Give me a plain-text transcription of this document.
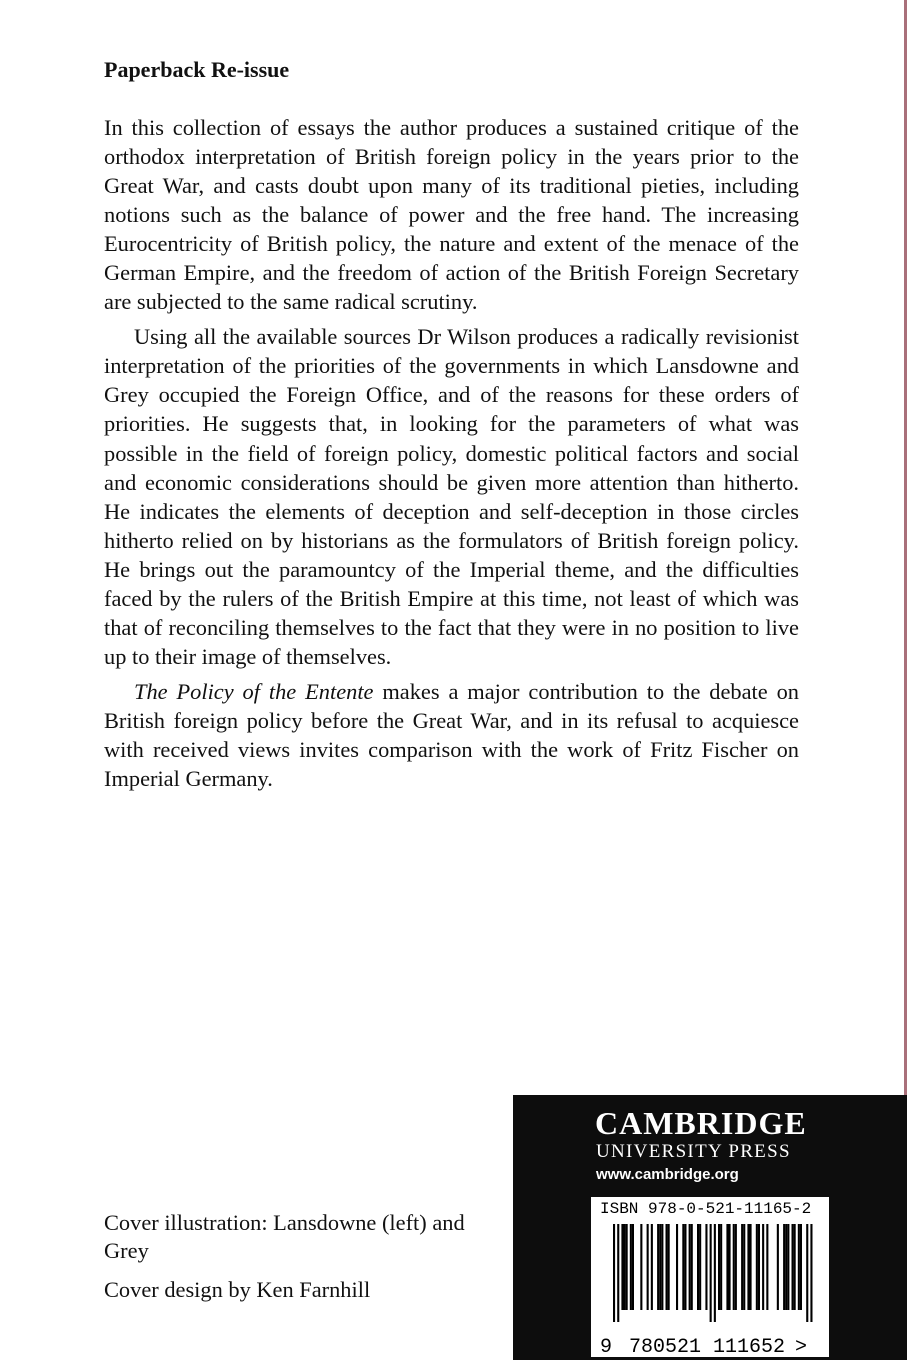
Paperback Re-issue

In this collection of essays the author produces a sustained critique of the orthodox interpretation of British foreign policy in the years prior to the Great War, and casts doubt upon many of its traditional pieties, including notions such as the balance of power and the free hand. The increasing Eurocentricity of British policy, the nature and extent of the menace of the German Empire, and the freedom of action of the British Foreign Secretary are subjected to the same radical scrutiny.

Using all the available sources Dr Wilson produces a radically revisionist interpretation of the priorities of the governments in which Lansdowne and Grey occupied the Foreign Office, and of the reasons for these orders of priorities. He suggests that, in looking for the parameters of what was possible in the field of foreign policy, domestic political factors and social and economic considerations should be given more attention than hitherto. He indicates the elements of deception and self-deception in those circles hitherto relied on by historians as the formulators of British foreign policy. He brings out the paramountcy of the Imperial theme, and the difficulties faced by the rulers of the British Empire at this time, not least of which was that of reconciling themselves to the fact that they were in no position to live up to their image of themselves.

The Policy of the Entente makes a major contribution to the debate on British foreign policy before the Great War, and in its refusal to acquiesce with received views invites comparison with the work of Fritz Fischer on Imperial Germany.

Cover illustration: Lansdowne (left) and Grey

Cover design by Ken Farnhill

CAMBRIDGE
UNIVERSITY PRESS
www.cambridge.org
ISBN 978-0-521-11165-2
9 780521 111652 >
